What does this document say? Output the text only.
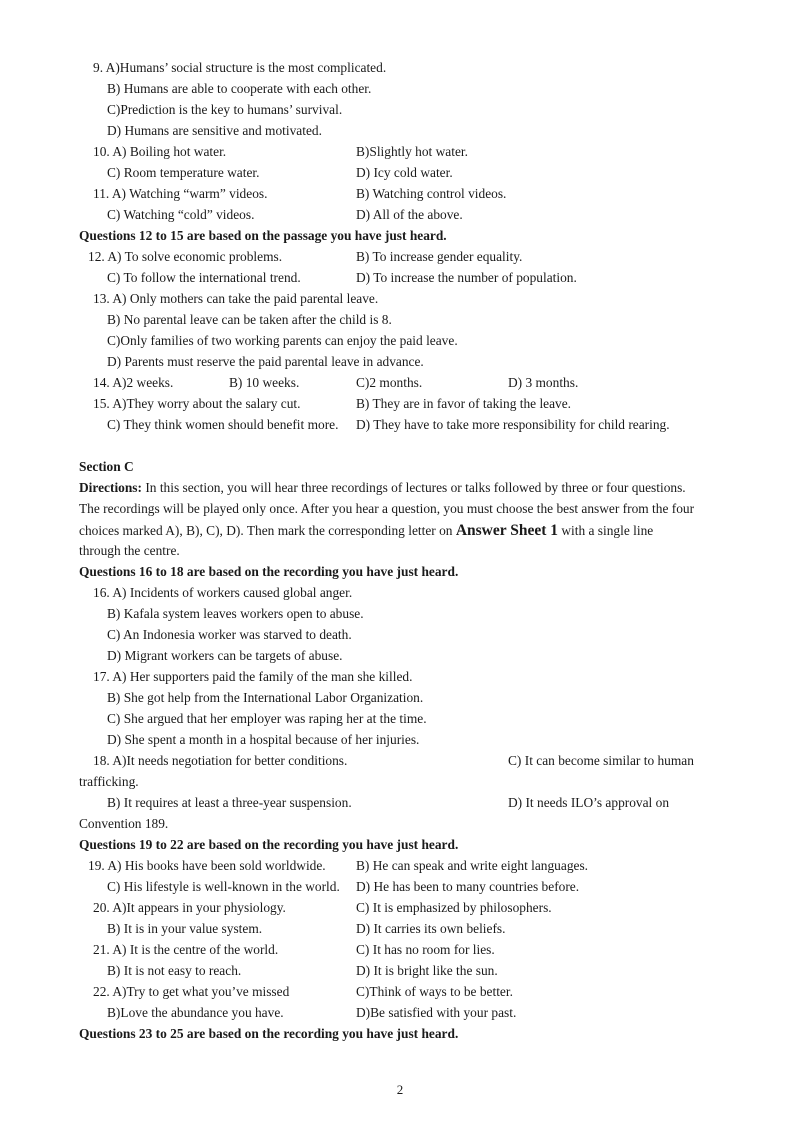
9. A)Humans’ social structure is the most complicated.
B) Humans are able to cooperate with each other.
C)Prediction is the key to humans’ survival.
D) Humans are sensitive and motivated.
10. A) Boiling hot water.	B)Slightly hot water.
C) Room temperature water.	D) Icy cold water.
11. A) Watching “warm” videos.	B) Watching control videos.
C) Watching “cold” videos.	D) All of the above.
Questions 12 to 15 are based on the passage you have just heard.
12. A) To solve economic problems.	B) To increase gender equality.
C) To follow the international trend.	D) To increase the number of population.
13. A) Only mothers can take the paid parental leave.
B) No parental leave can be taken after the child is 8.
C)Only families of two working parents can enjoy the paid leave.
D) Parents must reserve the paid parental leave in advance.
14. A)2 weeks.	B) 10 weeks.	C)2 months.	D) 3 months.
15. A)They worry about the salary cut.	B) They are in favor of taking the leave.
C) They think women should benefit more. D) They have to take more responsibility for child rearing.
Section C
Directions: In this section, you will hear three recordings of lectures or talks followed by three or four questions.
The recordings will be played only once. After you hear a question, you must choose the best answer from the four
choices marked A), B), C), D). Then mark the corresponding letter on Answer Sheet 1 with a single line
through the centre.
Questions 16 to 18 are based on the recording you have just heard.
16. A) Incidents of workers caused global anger.
B) Kafala system leaves workers open to abuse.
C) An Indonesia worker was starved to death.
D) Migrant workers can be targets of abuse.
17. A) Her supporters paid the family of the man she killed.
B) She got help from the International Labor Organization.
C) She argued that her employer was raping her at the time.
D) She spent a month in a hospital because of her injuries.
18. A)It needs negotiation for better conditions.	C) It can become similar to human
trafficking.
B) It requires at least a three-year suspension.	D) It needs ILO’s approval on
Convention 189.
Questions 19 to 22 are based on the recording you have just heard.
19. A) His books have been sold worldwide. B) He can speak and write eight languages.
C) His lifestyle is well-known in the world. D) He has been to many countries before.
20. A)It appears in your physiology.	C) It is emphasized by philosophers.
B) It is in your value system.	D) It carries its own beliefs.
21. A) It is the centre of the world.	C) It has no room for lies.
B) It is not easy to reach.	D) It is bright like the sun.
22. A)Try to get what you’ve missed	C)Think of ways to be better.
B)Love the abundance you have.	D)Be satisfied with your past.
Questions 23 to 25 are based on the recording you have just heard.
2
